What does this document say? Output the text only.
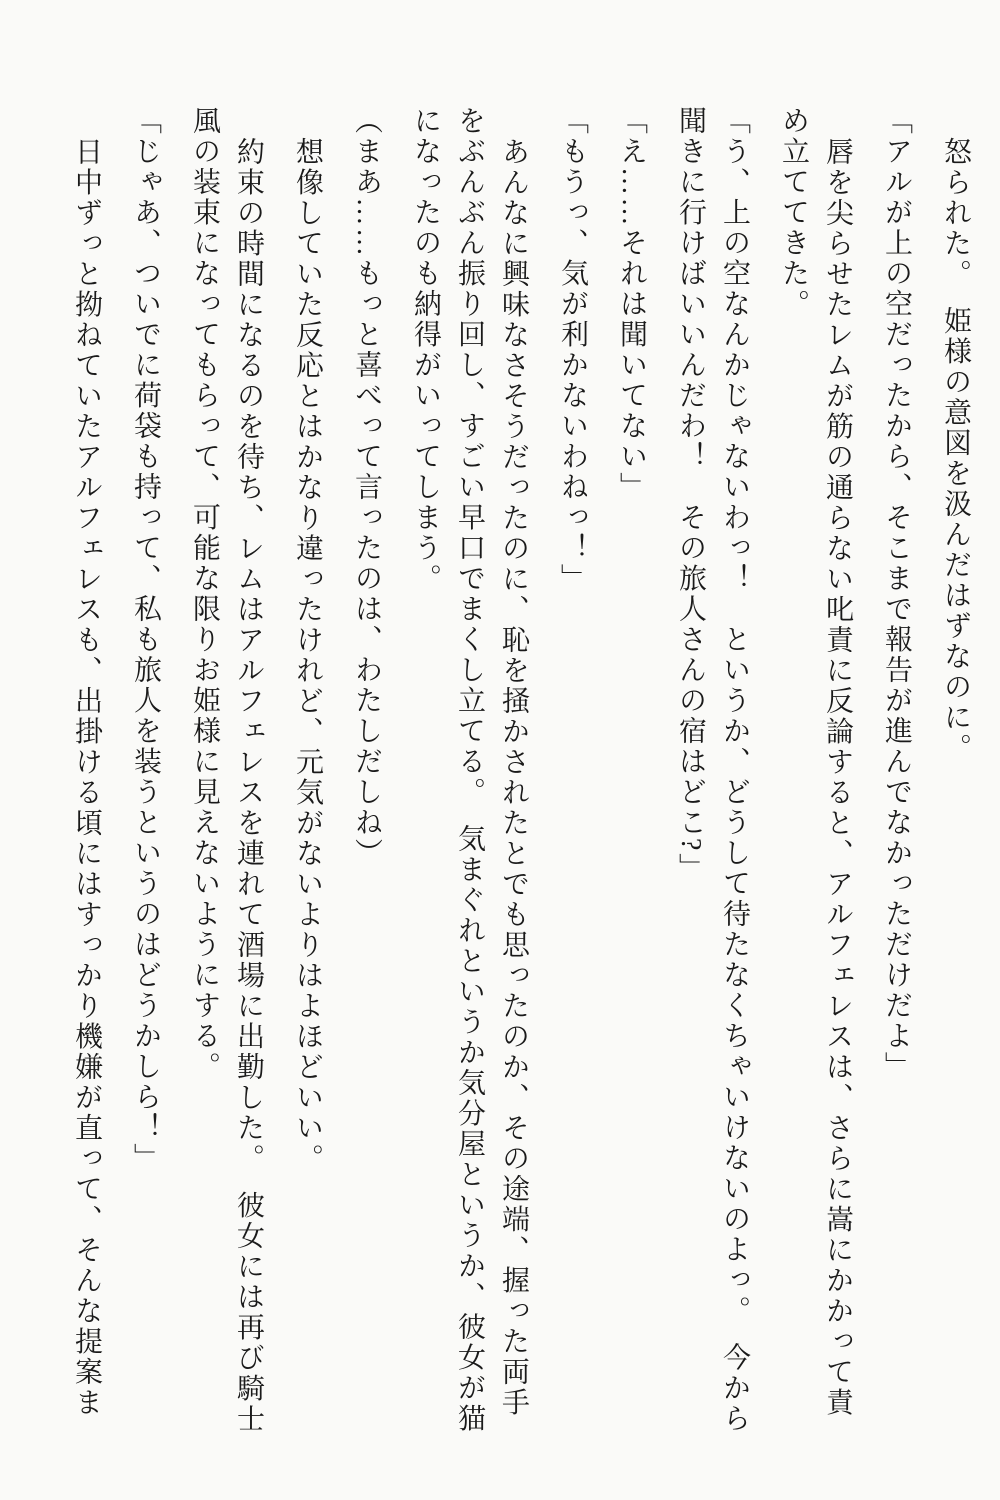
怒られた。　姫様の意図を汲んだはずなのに。

「アルが上の空だったから、そこまで報告が進んでなかっただけだよ」

唇を尖らせたレムが筋の通らない叱責に反論すると、アルフェレスは、さらに嵩にかかって責

め立ててきた。

「う、上の空なんかじゃないわっ！　というか、どうして待たなくちゃいけないのよっ。　今から

聞きに行けばいいんだわ！　その旅人さんの宿はどこ?」

「え……それは聞いてない」

「もうっ、気が利かないわねっ！」

あんなに興味なさそうだったのに、恥を掻かされたとでも思ったのか、その途端、握った両手

をぶんぶん振り回し、すごい早口でまくし立てる。　気まぐれというか気分屋というか、彼女が猫

になったのも納得がいってしまう。

（まあ……もっと喜べって言ったのは、わたしだしね）

想像していた反応とはかなり違ったけれど、元気がないよりはよほどいい。

約束の時間になるのを待ち、レムはアルフェレスを連れて酒場に出勤した。　彼女には再び騎士

風の装束になってもらって、可能な限りお姫様に見えないようにする。

「じゃあ、ついでに荷袋も持って、私も旅人を装うというのはどうかしら！」

日中ずっと拗ねていたアルフェレスも、出掛ける頃にはすっかり機嫌が直って、そんな提案ま
